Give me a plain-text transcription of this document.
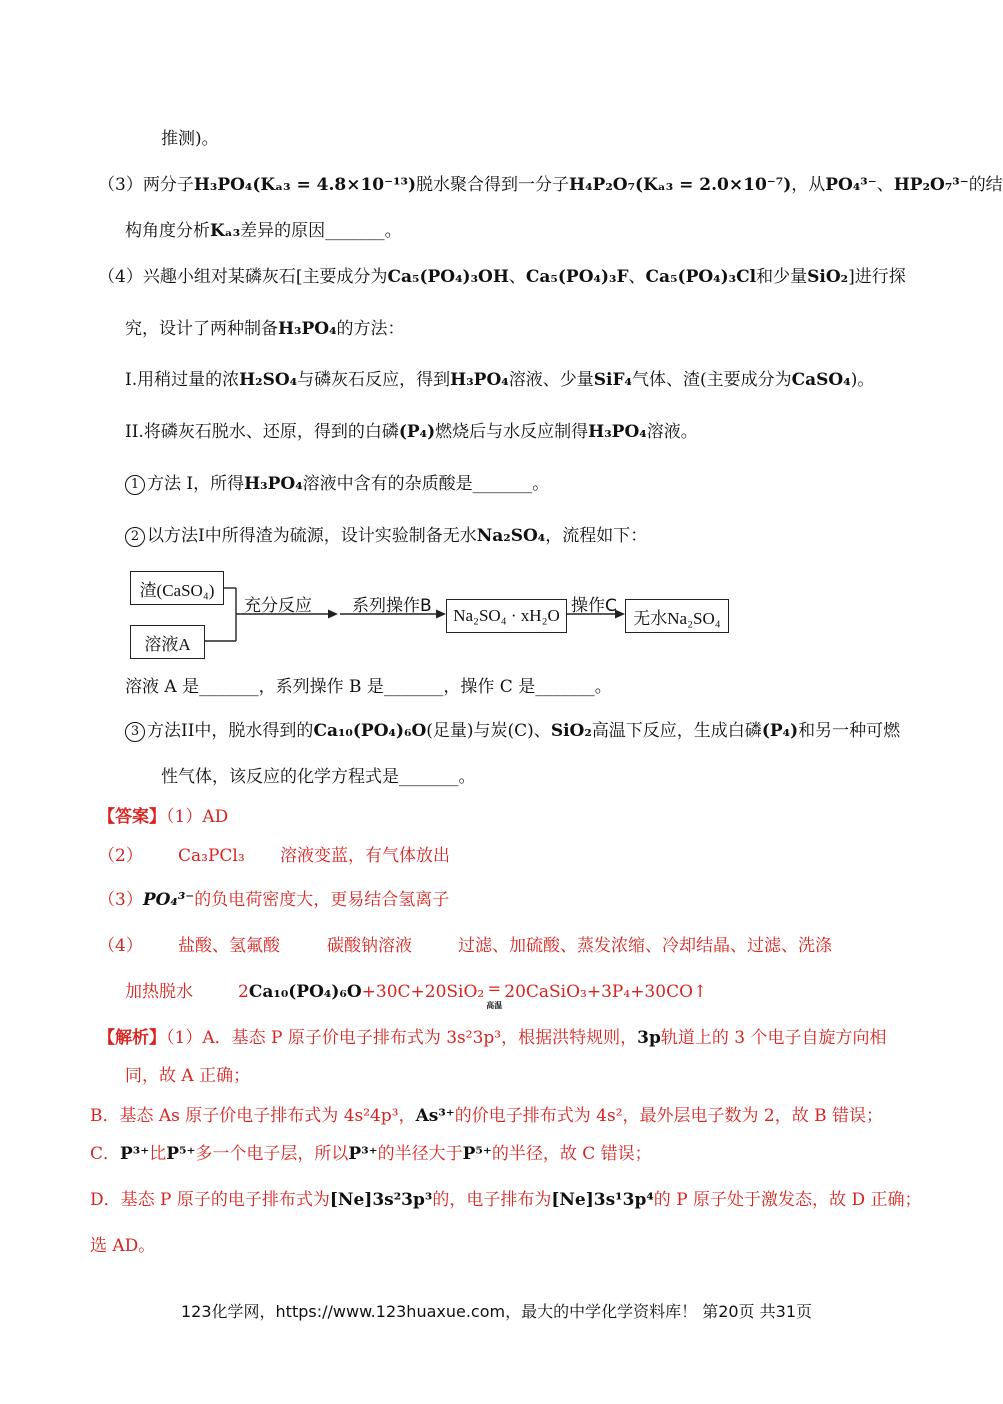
推测)。
（3）两分子H₃PO₄(Kₐ₃ = 4.8×10⁻¹³)脱水聚合得到一分子H₄P₂O₇(Kₐ₃ = 2.0×10⁻⁷)，从PO₄³⁻、HP₂O₇³⁻的结
构角度分析Kₐ₃差异的原因_______。
（4）兴趣小组对某磷灰石[主要成分为Ca₅(PO₄)₃OH、Ca₅(PO₄)₃F、Ca₅(PO₄)₃Cl和少量SiO₂]进行探
究，设计了两种制备H₃PO₄的方法：
I.用稍过量的浓H₂SO₄与磷灰石反应，得到H₃PO₄溶液、少量SiF₄气体、渣(主要成分为CaSO₄)。
II.将磷灰石脱水、还原，得到的白磷(P₄)燃烧后与水反应制得H₃PO₄溶液。
1 方法 I，所得H₃PO₄溶液中含有的杂质酸是_______。
2 以方法I中所得渣为硫源，设计实验制备无水Na₂SO₄，流程如下：
渣(CaSO₄)
溶液A
充分反应 系列操作B	Na₂SO₄ · xH₂O 操作C
无水Na₂SO₄
溶液 A 是_______，系列操作 B 是_______，操作 C 是_______。
3 方法II中，脱水得到的Ca₁₀(PO₄)₆O(足量)与炭(C)、SiO₂高温下反应，生成白磷(P₄)和另一种可燃
性气体，该反应的化学方程式是_______。
【答案】（1）AD
（2） Ca₃PCl₃ 溶液变蓝，有气体放出
（3）PO₄³⁻的负电荷密度大，更易结合氢离子
（4） 盐酸、氢氟酸	碳酸钠溶液	过滤、加硫酸、蒸发浓缩、冷却结晶、过滤、洗涤
加热脱水	2Ca₁₀(PO₄)₆O+30C+20SiO₂ =
高温
20CaSiO₃+3P₄+30CO↑
【解析】（1）A．基态 P 原子价电子排布式为 3s²3p³，根据洪特规则，3p轨道上的 3 个电子自旋方向相
同，故 A 正确；
B．基态 As 原子价电子排布式为 4s²4p³，As³⁺的价电子排布式为 4s²，最外层电子数为 2，故 B 错误；
C．P³⁺比P⁵⁺多一个电子层，所以P³⁺的半径大于P⁵⁺的半径，故 C 错误；
D．基态 P 原子的电子排布式为[Ne]3s²3p³的，电子排布为[Ne]3s¹3p⁴的 P 原子处于激发态，故 D 正确；
选 AD。
123化学网，https://www.123huaxue.com，最大的中学化学资料库！ 第20页 共31页
